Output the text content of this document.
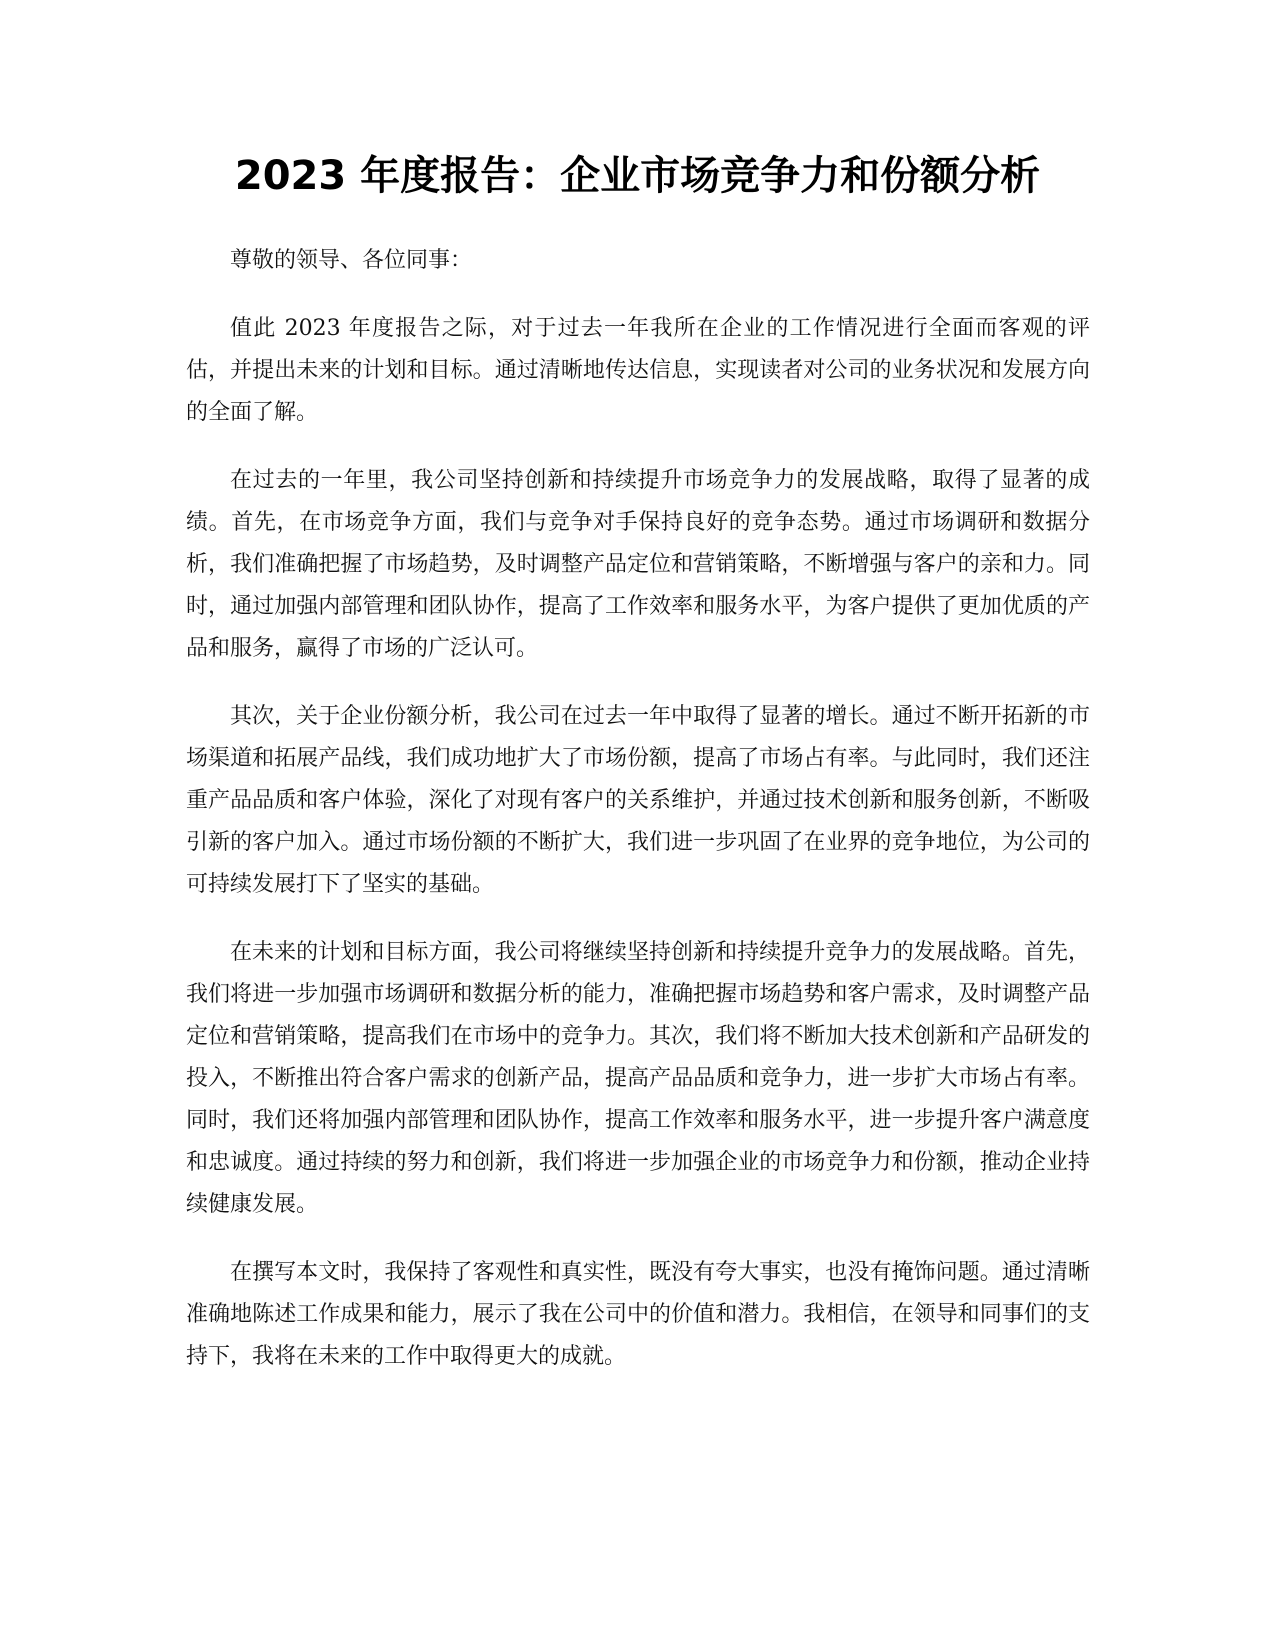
2023 年度报告：企业市场竞争力和份额分析

尊敬的领导、各位同事：

值此 2023 年度报告之际，对于过去一年我所在企业的工作情况进行全面而客观的评估，并提出未来的计划和目标。通过清晰地传达信息，实现读者对公司的业务状况和发展方向的全面了解。

在过去的一年里，我公司坚持创新和持续提升市场竞争力的发展战略，取得了显著的成绩。首先，在市场竞争方面，我们与竞争对手保持良好的竞争态势。通过市场调研和数据分析，我们准确把握了市场趋势，及时调整产品定位和营销策略，不断增强与客户的亲和力。同时，通过加强内部管理和团队协作，提高了工作效率和服务水平，为客户提供了更加优质的产品和服务，赢得了市场的广泛认可。

其次，关于企业份额分析，我公司在过去一年中取得了显著的增长。通过不断开拓新的市场渠道和拓展产品线，我们成功地扩大了市场份额，提高了市场占有率。与此同时，我们还注重产品品质和客户体验，深化了对现有客户的关系维护，并通过技术创新和服务创新，不断吸引新的客户加入。通过市场份额的不断扩大，我们进一步巩固了在业界的竞争地位，为公司的可持续发展打下了坚实的基础。

在未来的计划和目标方面，我公司将继续坚持创新和持续提升竞争力的发展战略。首先，我们将进一步加强市场调研和数据分析的能力，准确把握市场趋势和客户需求，及时调整产品定位和营销策略，提高我们在市场中的竞争力。其次，我们将不断加大技术创新和产品研发的投入，不断推出符合客户需求的创新产品，提高产品品质和竞争力，进一步扩大市场占有率。同时，我们还将加强内部管理和团队协作，提高工作效率和服务水平，进一步提升客户满意度和忠诚度。通过持续的努力和创新，我们将进一步加强企业的市场竞争力和份额，推动企业持续健康发展。

在撰写本文时，我保持了客观性和真实性，既没有夸大事实，也没有掩饰问题。通过清晰准确地陈述工作成果和能力，展示了我在公司中的价值和潜力。我相信，在领导和同事们的支持下，我将在未来的工作中取得更大的成就。
